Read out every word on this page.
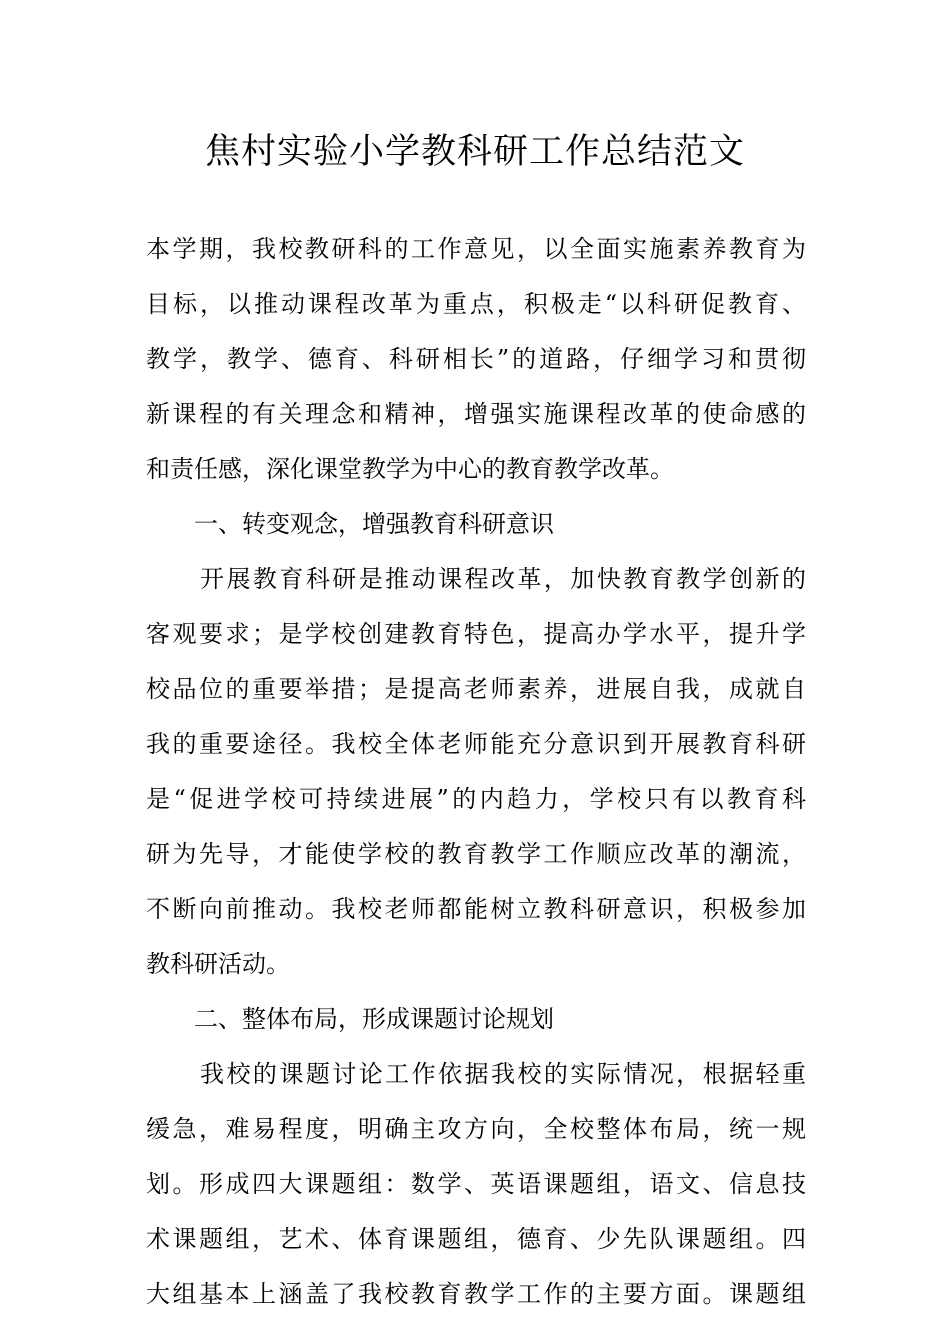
焦村实验小学教科研工作总结范文
本学期，我校教研科的工作意见，以全面实施素养教育为
目标，以推动课程改革为重点，积极走“以科研促教育、
教学，教学、德育、科研相长”的道路，仔细学习和贯彻
新课程的有关理念和精神，增强实施课程改革的使命感的
和责任感，深化课堂教学为中心的教育教学改革。
一、转变观念，增强教育科研意识
开展教育科研是推动课程改革，加快教育教学创新的
客观要求；是学校创建教育特色，提高办学水平，提升学
校品位的重要举措；是提高老师素养，进展自我，成就自
我的重要途径。我校全体老师能充分意识到开展教育科研
是“促进学校可持续进展”的内趋力，学校只有以教育科
研为先导，才能使学校的教育教学工作顺应改革的潮流，
不断向前推动。我校老师都能树立教科研意识，积极参加
教科研活动。
二、整体布局，形成课题讨论规划
我校的课题讨论工作依据我校的实际情况，根据轻重
缓急，难易程度，明确主攻方向，全校整体布局，统一规
划。形成四大课题组：数学、英语课题组，语文、信息技
术课题组，艺术、体育课题组，德育、少先队课题组。四
大组基本上涵盖了我校教育教学工作的主要方面。课题组
